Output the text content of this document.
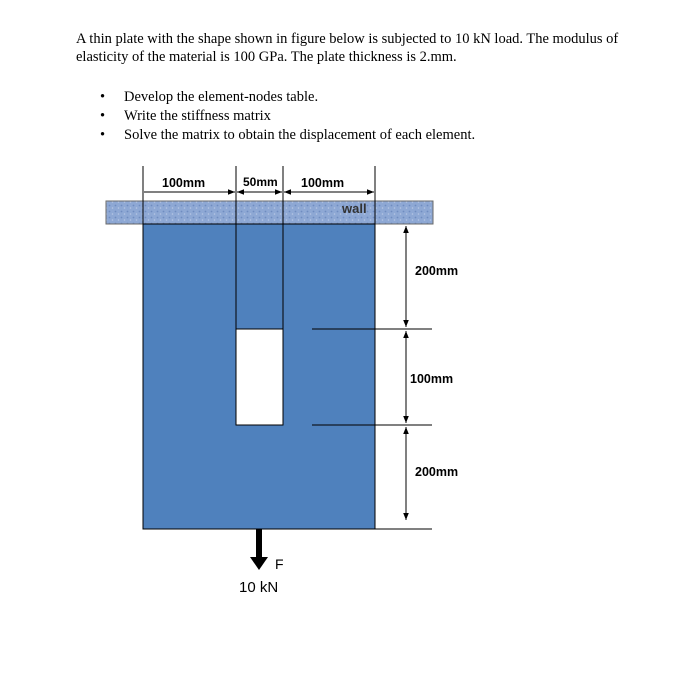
A thin plate with the shape shown in figure below is subjected to 10 kN load. The modulus of elasticity of the material is 100 GPa. The plate thickness is 2.mm.

• Develop the element-nodes table.
• Write the stiffness matrix
• Solve the matrix to obtain the displacement of each element.
wall
100mm	50mm 100mm
200mm
100mm
200mm
F
10 kN
